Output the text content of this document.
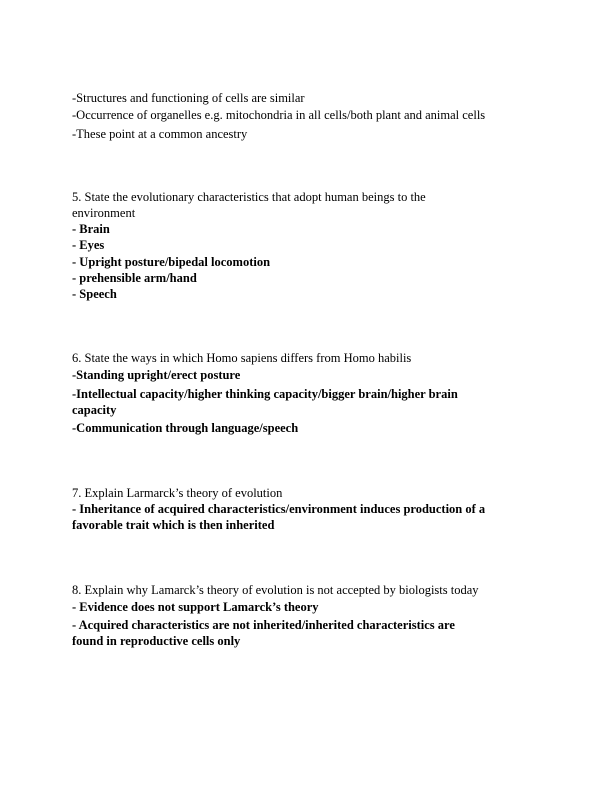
-Structures and functioning of cells are similar
-Occurrence of organelles e.g. mitochondria in all cells/both plant and animal cells
-These point at a common ancestry
5. State the evolutionary characteristics that adopt human beings to the
environment
- Brain
- Eyes
- Upright posture/bipedal locomotion
- prehensible arm/hand
- Speech
6. State the ways in which Homo sapiens differs from Homo habilis
-Standing upright/erect posture
-Intellectual capacity/higher thinking capacity/bigger brain/higher brain
capacity
-Communication through language/speech
7. Explain Larmarck’s theory of evolution
- Inheritance of acquired characteristics/environment induces production of a
favorable trait which is then inherited
8. Explain why Lamarck’s theory of evolution is not accepted by biologists today
- Evidence does not support Lamarck’s theory
- Acquired characteristics are not inherited/inherited characteristics are
found in reproductive cells only
